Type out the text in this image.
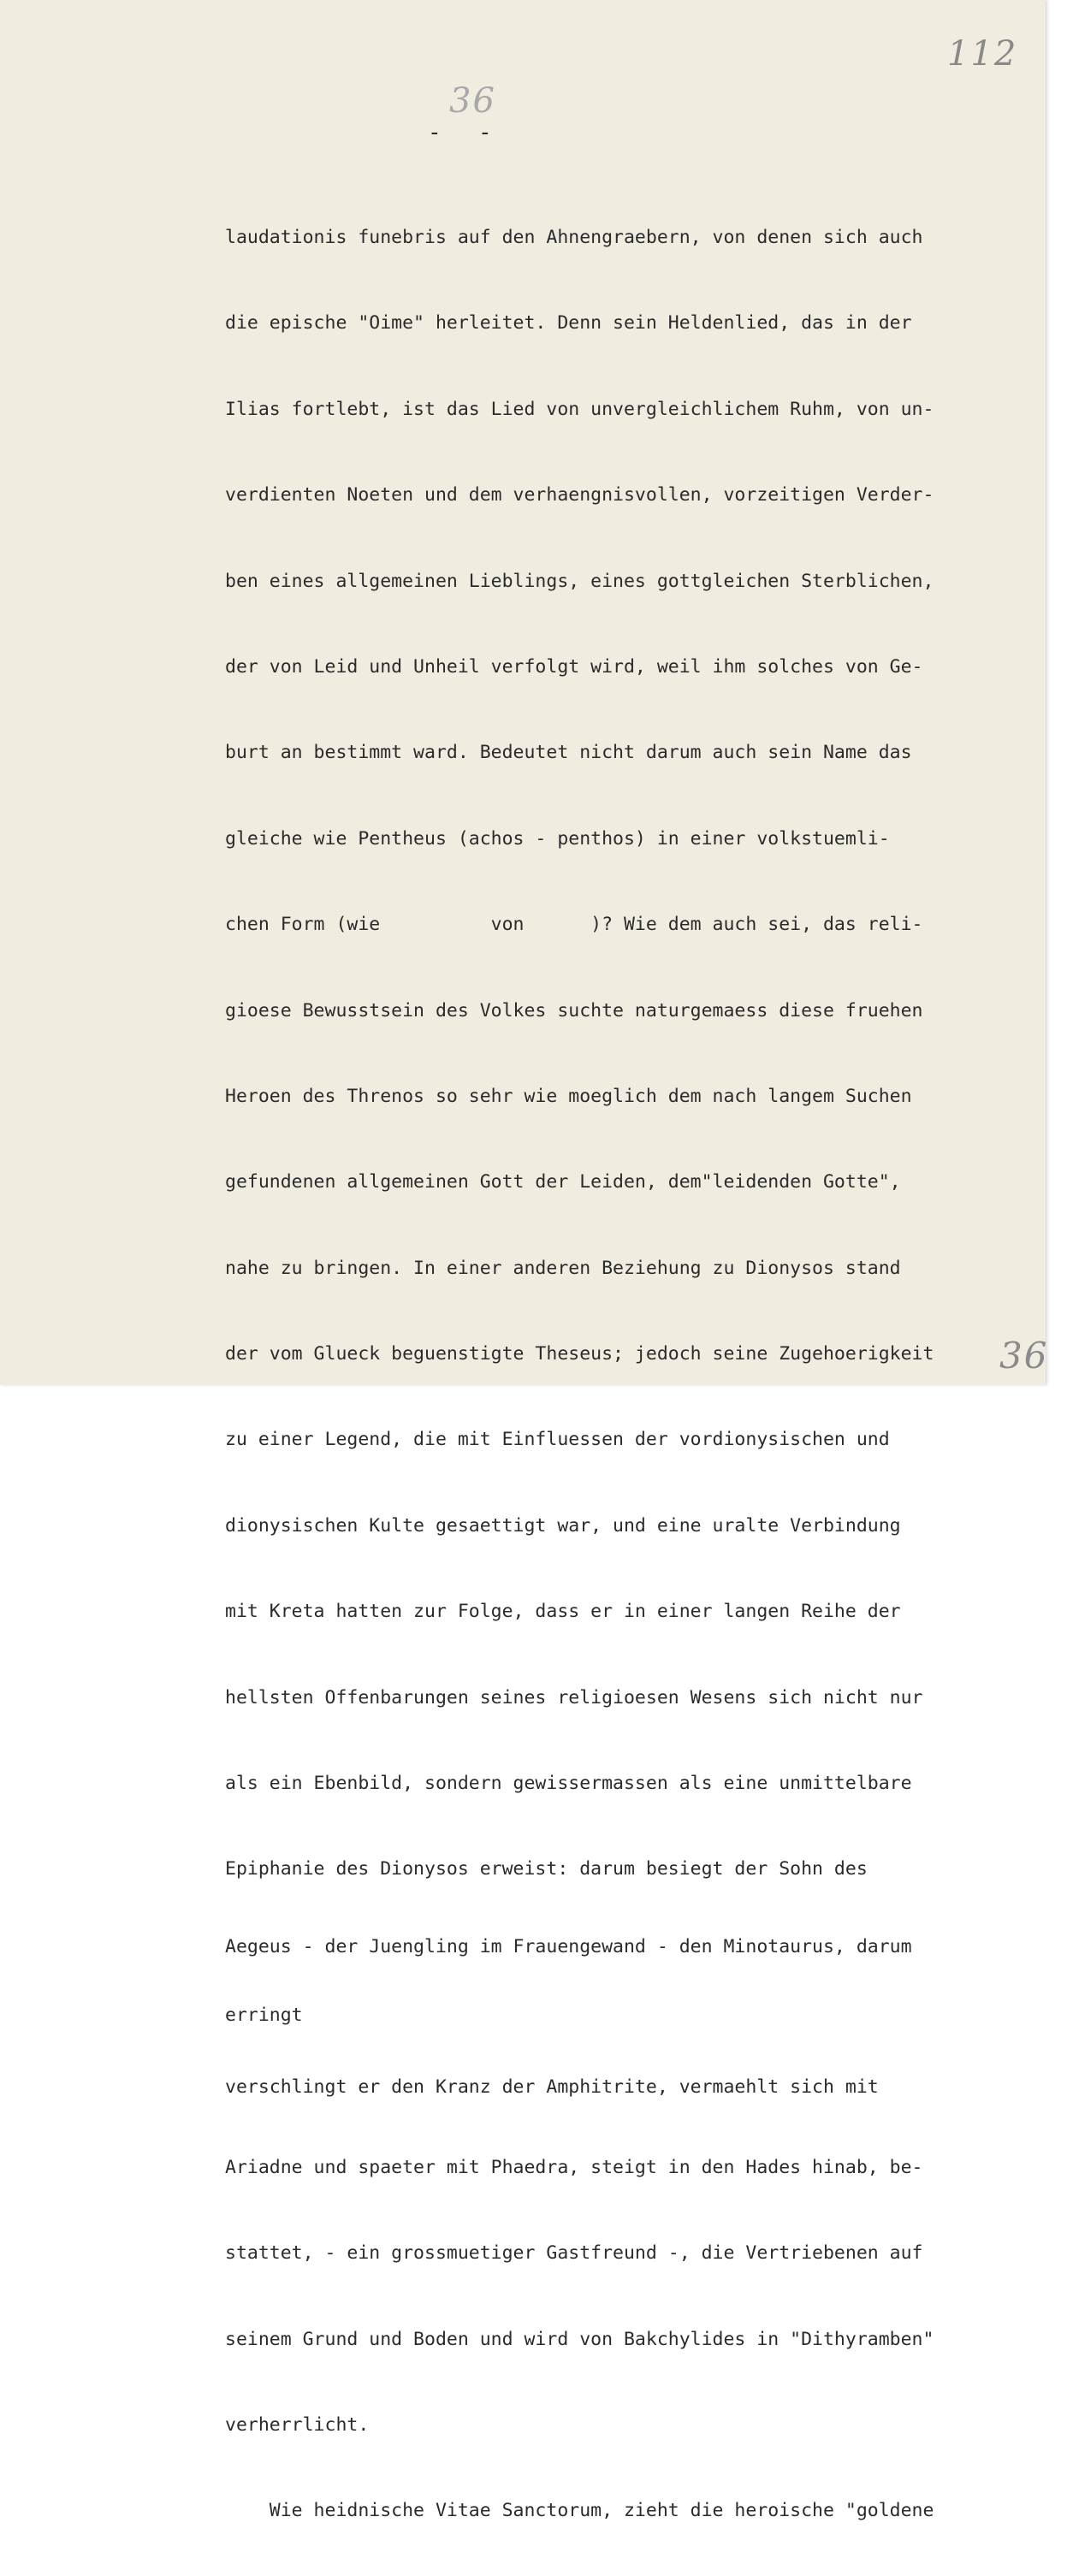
112
36
-  -

laudationis funebris auf den Ahnengraebern, von denen sich auch

die epische "Oime" herleitet. Denn sein Heldenlied, das in der

Ilias fortlebt, ist das Lied von unvergleichlichem Ruhm, von un-

verdienten Noeten und dem verhaengnisvollen, vorzeitigen Verder-

ben eines allgemeinen Lieblings, eines gottgleichen Sterblichen,

der von Leid und Unheil verfolgt wird, weil ihm solches von Ge-

burt an bestimmt ward. Bedeutet nicht darum auch sein Name das

gleiche wie Pentheus (achos - penthos) in einer volkstuemli-

chen Form (wie          von      )? Wie dem auch sei, das reli-

gioese Bewusstsein des Volkes suchte naturgemaess diese fruehen

Heroen des Threnos so sehr wie moeglich dem nach langem Suchen

gefundenen allgemeinen Gott der Leiden, dem"leidenden Gotte",

nahe zu bringen. In einer anderen Beziehung zu Dionysos stand

der vom Glueck beguenstigte Theseus; jedoch seine Zugehoerigkeit

zu einer Legend, die mit Einfluessen der vordionysischen und

dionysischen Kulte gesaettigt war, und eine uralte Verbindung

mit Kreta hatten zur Folge, dass er in einer langen Reihe der

hellsten Offenbarungen seines religioesen Wesens sich nicht nur

als ein Ebenbild, sondern gewissermassen als eine unmittelbare

Epiphanie des Dionysos erweist: darum besiegt der Sohn des

Aegeus - der Juengling im Frauengewand - den Minotaurus, darum

erringt

verschlingt er den Kranz der Amphitrite, vermaehlt sich mit

Ariadne und spaeter mit Phaedra, steigt in den Hades hinab, be-

stattet, - ein grossmuetiger Gastfreund -, die Vertriebenen auf

seinem Grund und Boden und wird von Bakchylides in "Dithyramben"

verherrlicht.

Wie heidnische Vitae Sanctorum, zieht die heroische "goldene

36
